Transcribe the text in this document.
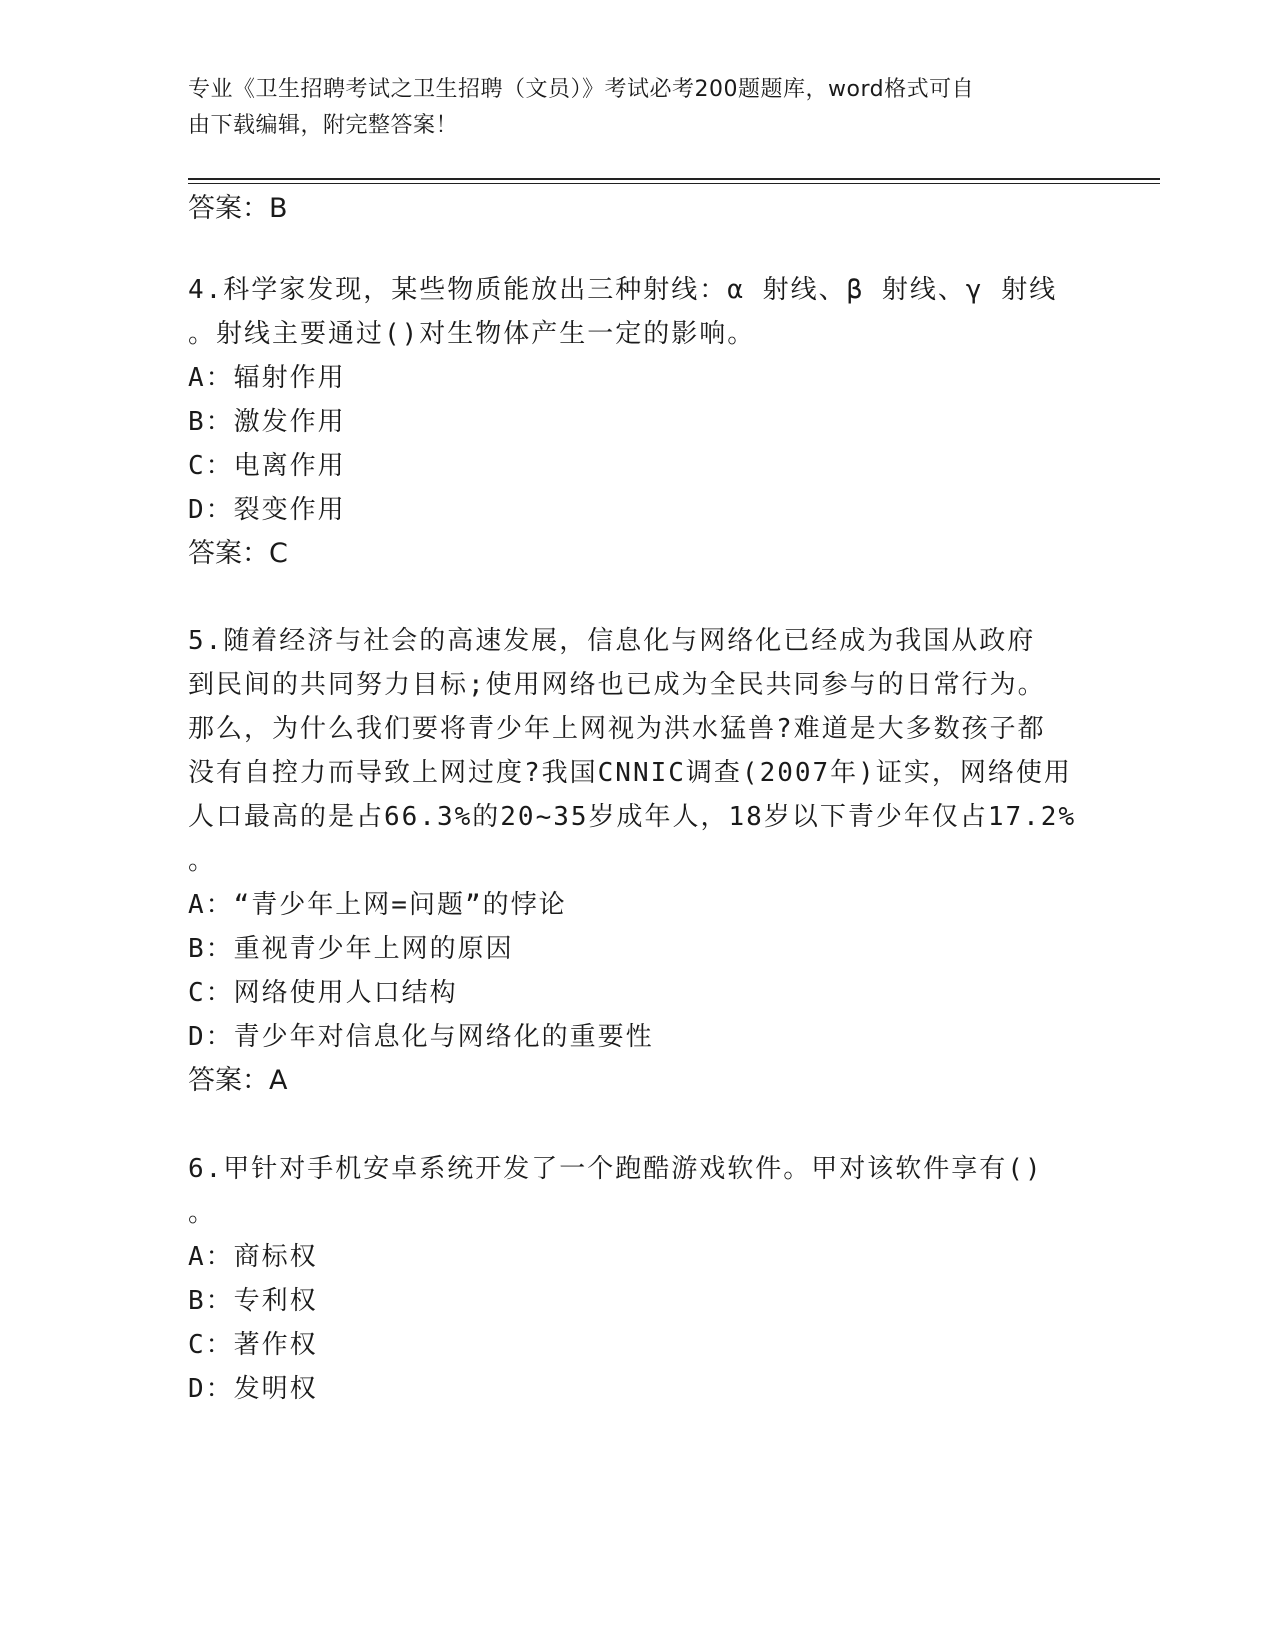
专业《卫生招聘考试之卫生招聘（文员）》考试必考200题题库，word格式可自
由下载编辑，附完整答案！
答案：B
4.科学家发现，某些物质能放出三种射线：α 射线、β 射线、γ 射线
。射线主要通过()对生物体产生一定的影响。
A：辐射作用
B：激发作用
C：电离作用
D：裂变作用
答案：C
5.随着经济与社会的高速发展，信息化与网络化已经成为我国从政府
到民间的共同努力目标;使用网络也已成为全民共同参与的日常行为。
那么，为什么我们要将青少年上网视为洪水猛兽?难道是大多数孩子都
没有自控力而导致上网过度?我国CNNIC调查(2007年)证实，网络使用
人口最高的是占66.3%的20~35岁成年人，18岁以下青少年仅占17.2%
。
A：“青少年上网=问题”的悖论
B：重视青少年上网的原因
C：网络使用人口结构
D：青少年对信息化与网络化的重要性
答案：A
6.甲针对手机安卓系统开发了一个跑酷游戏软件。甲对该软件享有()
。
A：商标权
B：专利权
C：著作权
D：发明权
